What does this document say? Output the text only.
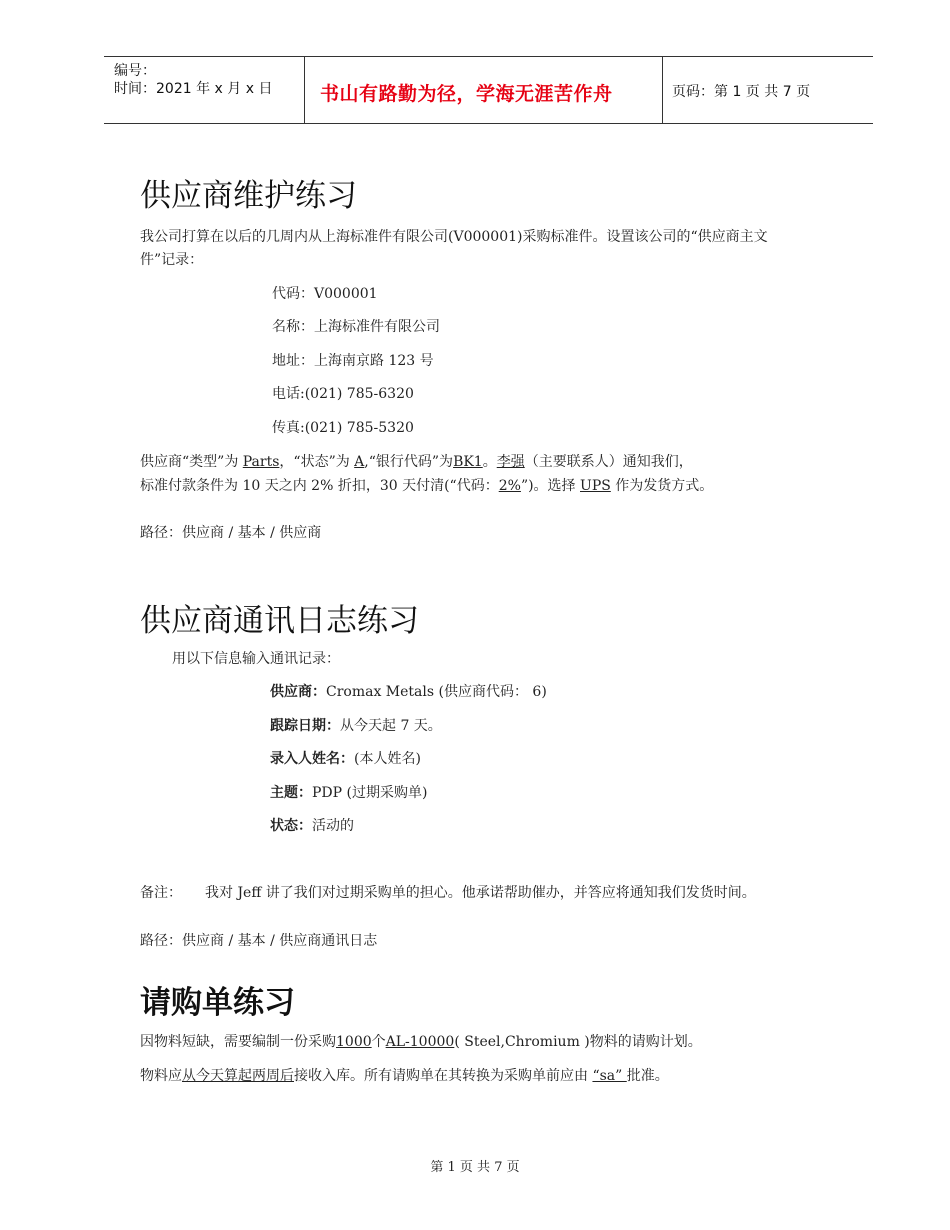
编号：
时间：2021 年 x 月 x 日	书山有路勤为径，学海无涯苦作舟	页码：第 1 页 共 7 页
供应商维护练习
我公司打算在以后的几周内从上海标准件有限公司(V000001)采购标准件。设置该公司的“供应商主文
件”记录：
代码：V000001
名称：上海标准件有限公司
地址：上海南京路 123 号
电话:(021) 785-6320
传真:(021) 785-5320
供应商“类型”为 Parts，“状态”为 A,“银行代码”为BK1。李强（主要联系人）通知我们，
标准付款条件为 10 天之内 2% 折扣，30 天付清(“代码：2%”)。选择 UPS 作为发货方式。
路径：供应商 / 基本 / 供应商
供应商通讯日志练习
用以下信息输入通讯记录：
供应商：Cromax Metals (供应商代码： 6)
跟踪日期：从今天起 7 天。
录入人姓名：(本人姓名)
主题：PDP (过期采购单)
状态：活动的
备注： 我对 Jeff 讲了我们对过期采购单的担心。他承诺帮助催办，并答应将通知我们发货时间。
路径：供应商 / 基本 / 供应商通讯日志
请购单练习
因物料短缺，需要编制一份采购1000个AL-10000( Steel,Chromium )物料的请购计划。
物料应从今天算起两周后接收入库。所有请购单在其转换为采购单前应由 “sa” 批准。
第 1 页 共 7 页
